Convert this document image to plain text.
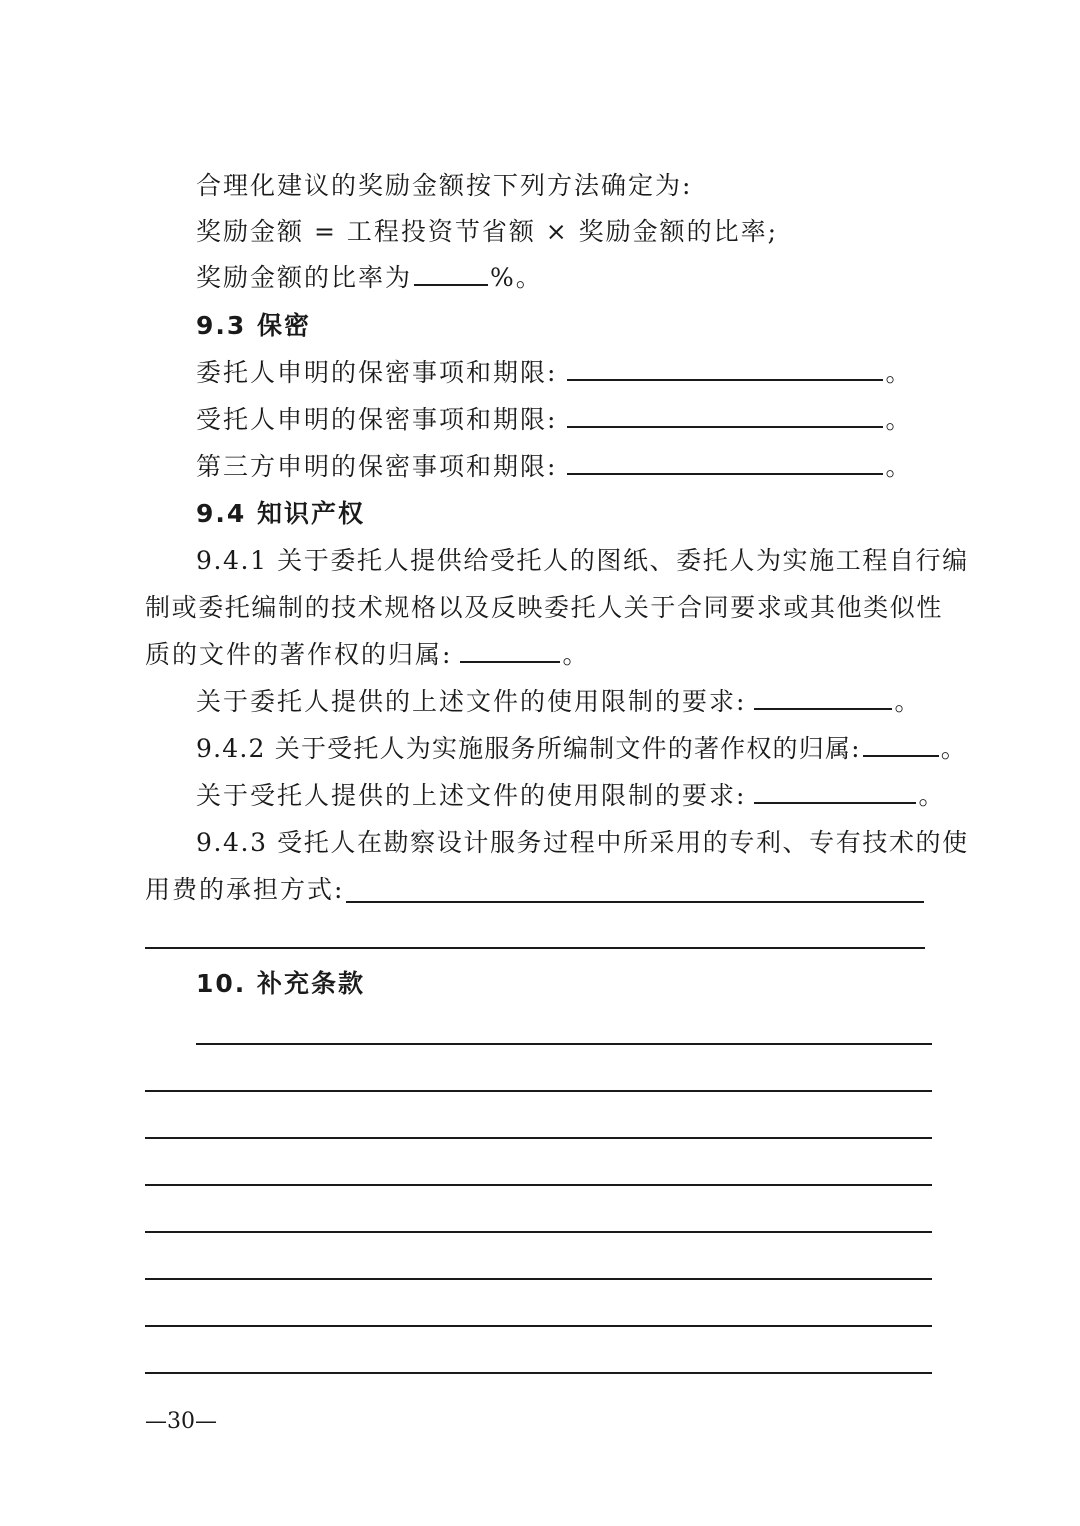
合理化建议的奖励金额按下列方法确定为:
奖励金额 = 工程投资节省额 × 奖励金额的比率;
奖励金额的比率为	%。
9.3 保密
委托人申明的保密事项和期限:	。
受托人申明的保密事项和期限:	。
第三方申明的保密事项和期限:	。
9.4 知识产权
9.4.1 关于委托人提供给受托人的图纸、委托人为实施工程自行编
制或委托编制的技术规格以及反映委托人关于合同要求或其他类似性
质的文件的著作权的归属:	。
关于委托人提供的上述文件的使用限制的要求:	。
9.4.2 关于受托人为实施服务所编制文件的著作权的归属:	。
关于受托人提供的上述文件的使用限制的要求:	。
9.4.3 受托人在勘察设计服务过程中所采用的专利、专有技术的使
用费的承担方式:
10. 补充条款
—30—
